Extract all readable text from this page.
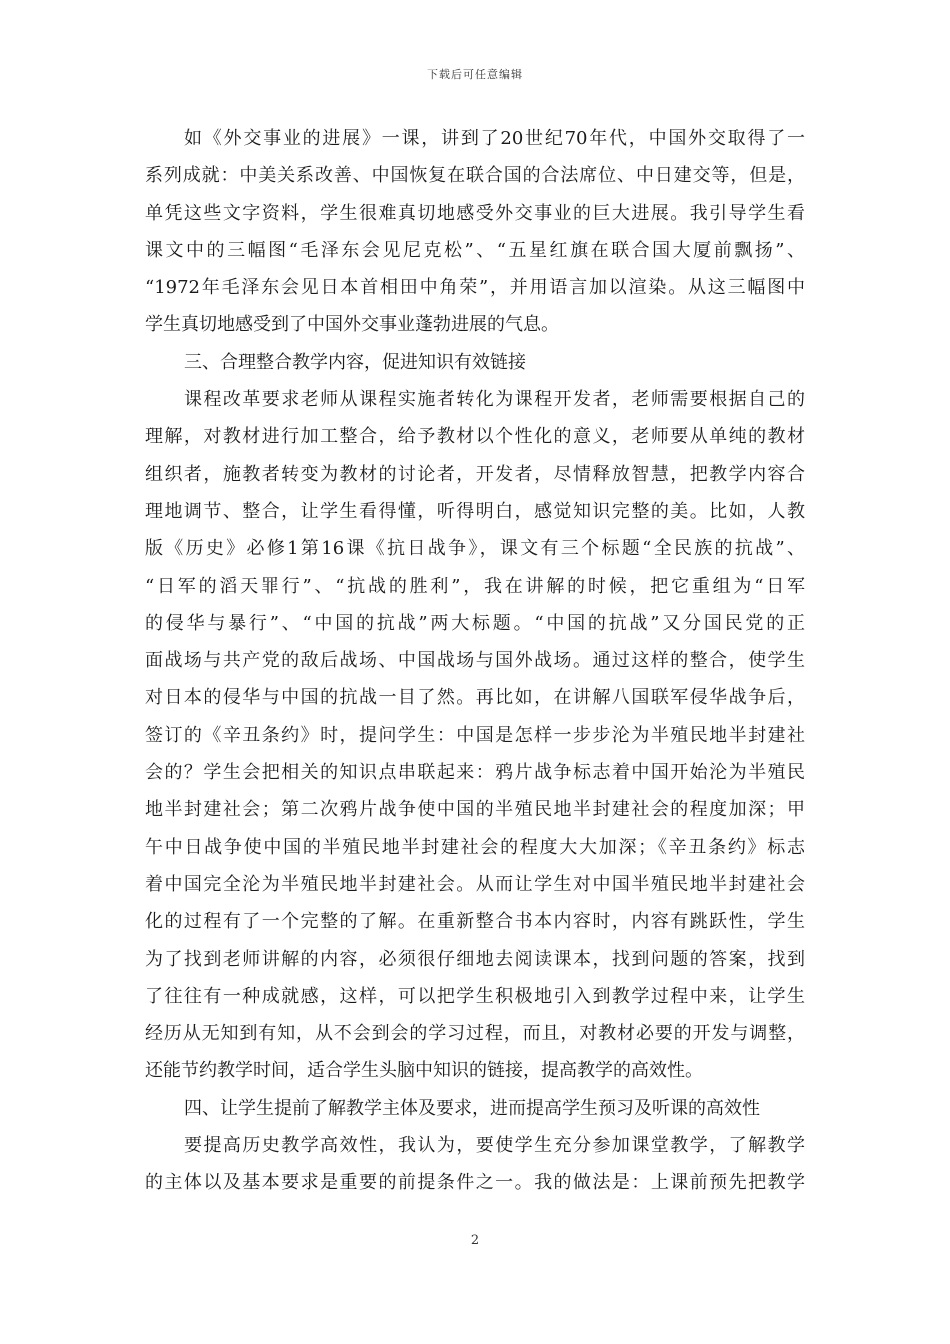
下载后可任意编辑
如《外交事业的进展》一课，讲到了20世纪70年代，中国外交取得了一
系列成就：中美关系改善、中国恢复在联合国的合法席位、中日建交等，但是，
单凭这些文字资料，学生很难真切地感受外交事业的巨大进展。我引导学生看
课文中的三幅图“毛泽东会见尼克松”、“五星红旗在联合国大厦前飘扬”、
“1972年毛泽东会见日本首相田中角荣”，并用语言加以渲染。从这三幅图中
学生真切地感受到了中国外交事业蓬勃进展的气息。
三、合理整合教学内容，促进知识有效链接
课程改革要求老师从课程实施者转化为课程开发者，老师需要根据自己的
理解，对教材进行加工整合，给予教材以个性化的意义，老师要从单纯的教材
组织者，施教者转变为教材的讨论者，开发者，尽情释放智慧，把教学内容合
理地调节、整合，让学生看得懂，听得明白，感觉知识完整的美。比如，人教
版《历史》必修1第16课《抗日战争》，课文有三个标题“全民族的抗战”、
“日军的滔天罪行”、“抗战的胜利”，我在讲解的时候，把它重组为“日军
的侵华与暴行”、“中国的抗战”两大标题。“中国的抗战”又分国民党的正
面战场与共产党的敌后战场、中国战场与国外战场。通过这样的整合，使学生
对日本的侵华与中国的抗战一目了然。再比如，在讲解八国联军侵华战争后，
签订的《辛丑条约》时，提问学生：中国是怎样一步步沦为半殖民地半封建社
会的？学生会把相关的知识点串联起来：鸦片战争标志着中国开始沦为半殖民
地半封建社会；第二次鸦片战争使中国的半殖民地半封建社会的程度加深；甲
午中日战争使中国的半殖民地半封建社会的程度大大加深；《辛丑条约》标志
着中国完全沦为半殖民地半封建社会。从而让学生对中国半殖民地半封建社会
化的过程有了一个完整的了解。在重新整合书本内容时，内容有跳跃性，学生
为了找到老师讲解的内容，必须很仔细地去阅读课本，找到问题的答案，找到
了往往有一种成就感，这样，可以把学生积极地引入到教学过程中来，让学生
经历从无知到有知，从不会到会的学习过程，而且，对教材必要的开发与调整，
还能节约教学时间，适合学生头脑中知识的链接，提高教学的高效性。
四、让学生提前了解教学主体及要求，进而提高学生预习及听课的高效性
要提高历史教学高效性，我认为，要使学生充分参加课堂教学，了解教学
的主体以及基本要求是重要的前提条件之一。我的做法是：上课前预先把教学
2
